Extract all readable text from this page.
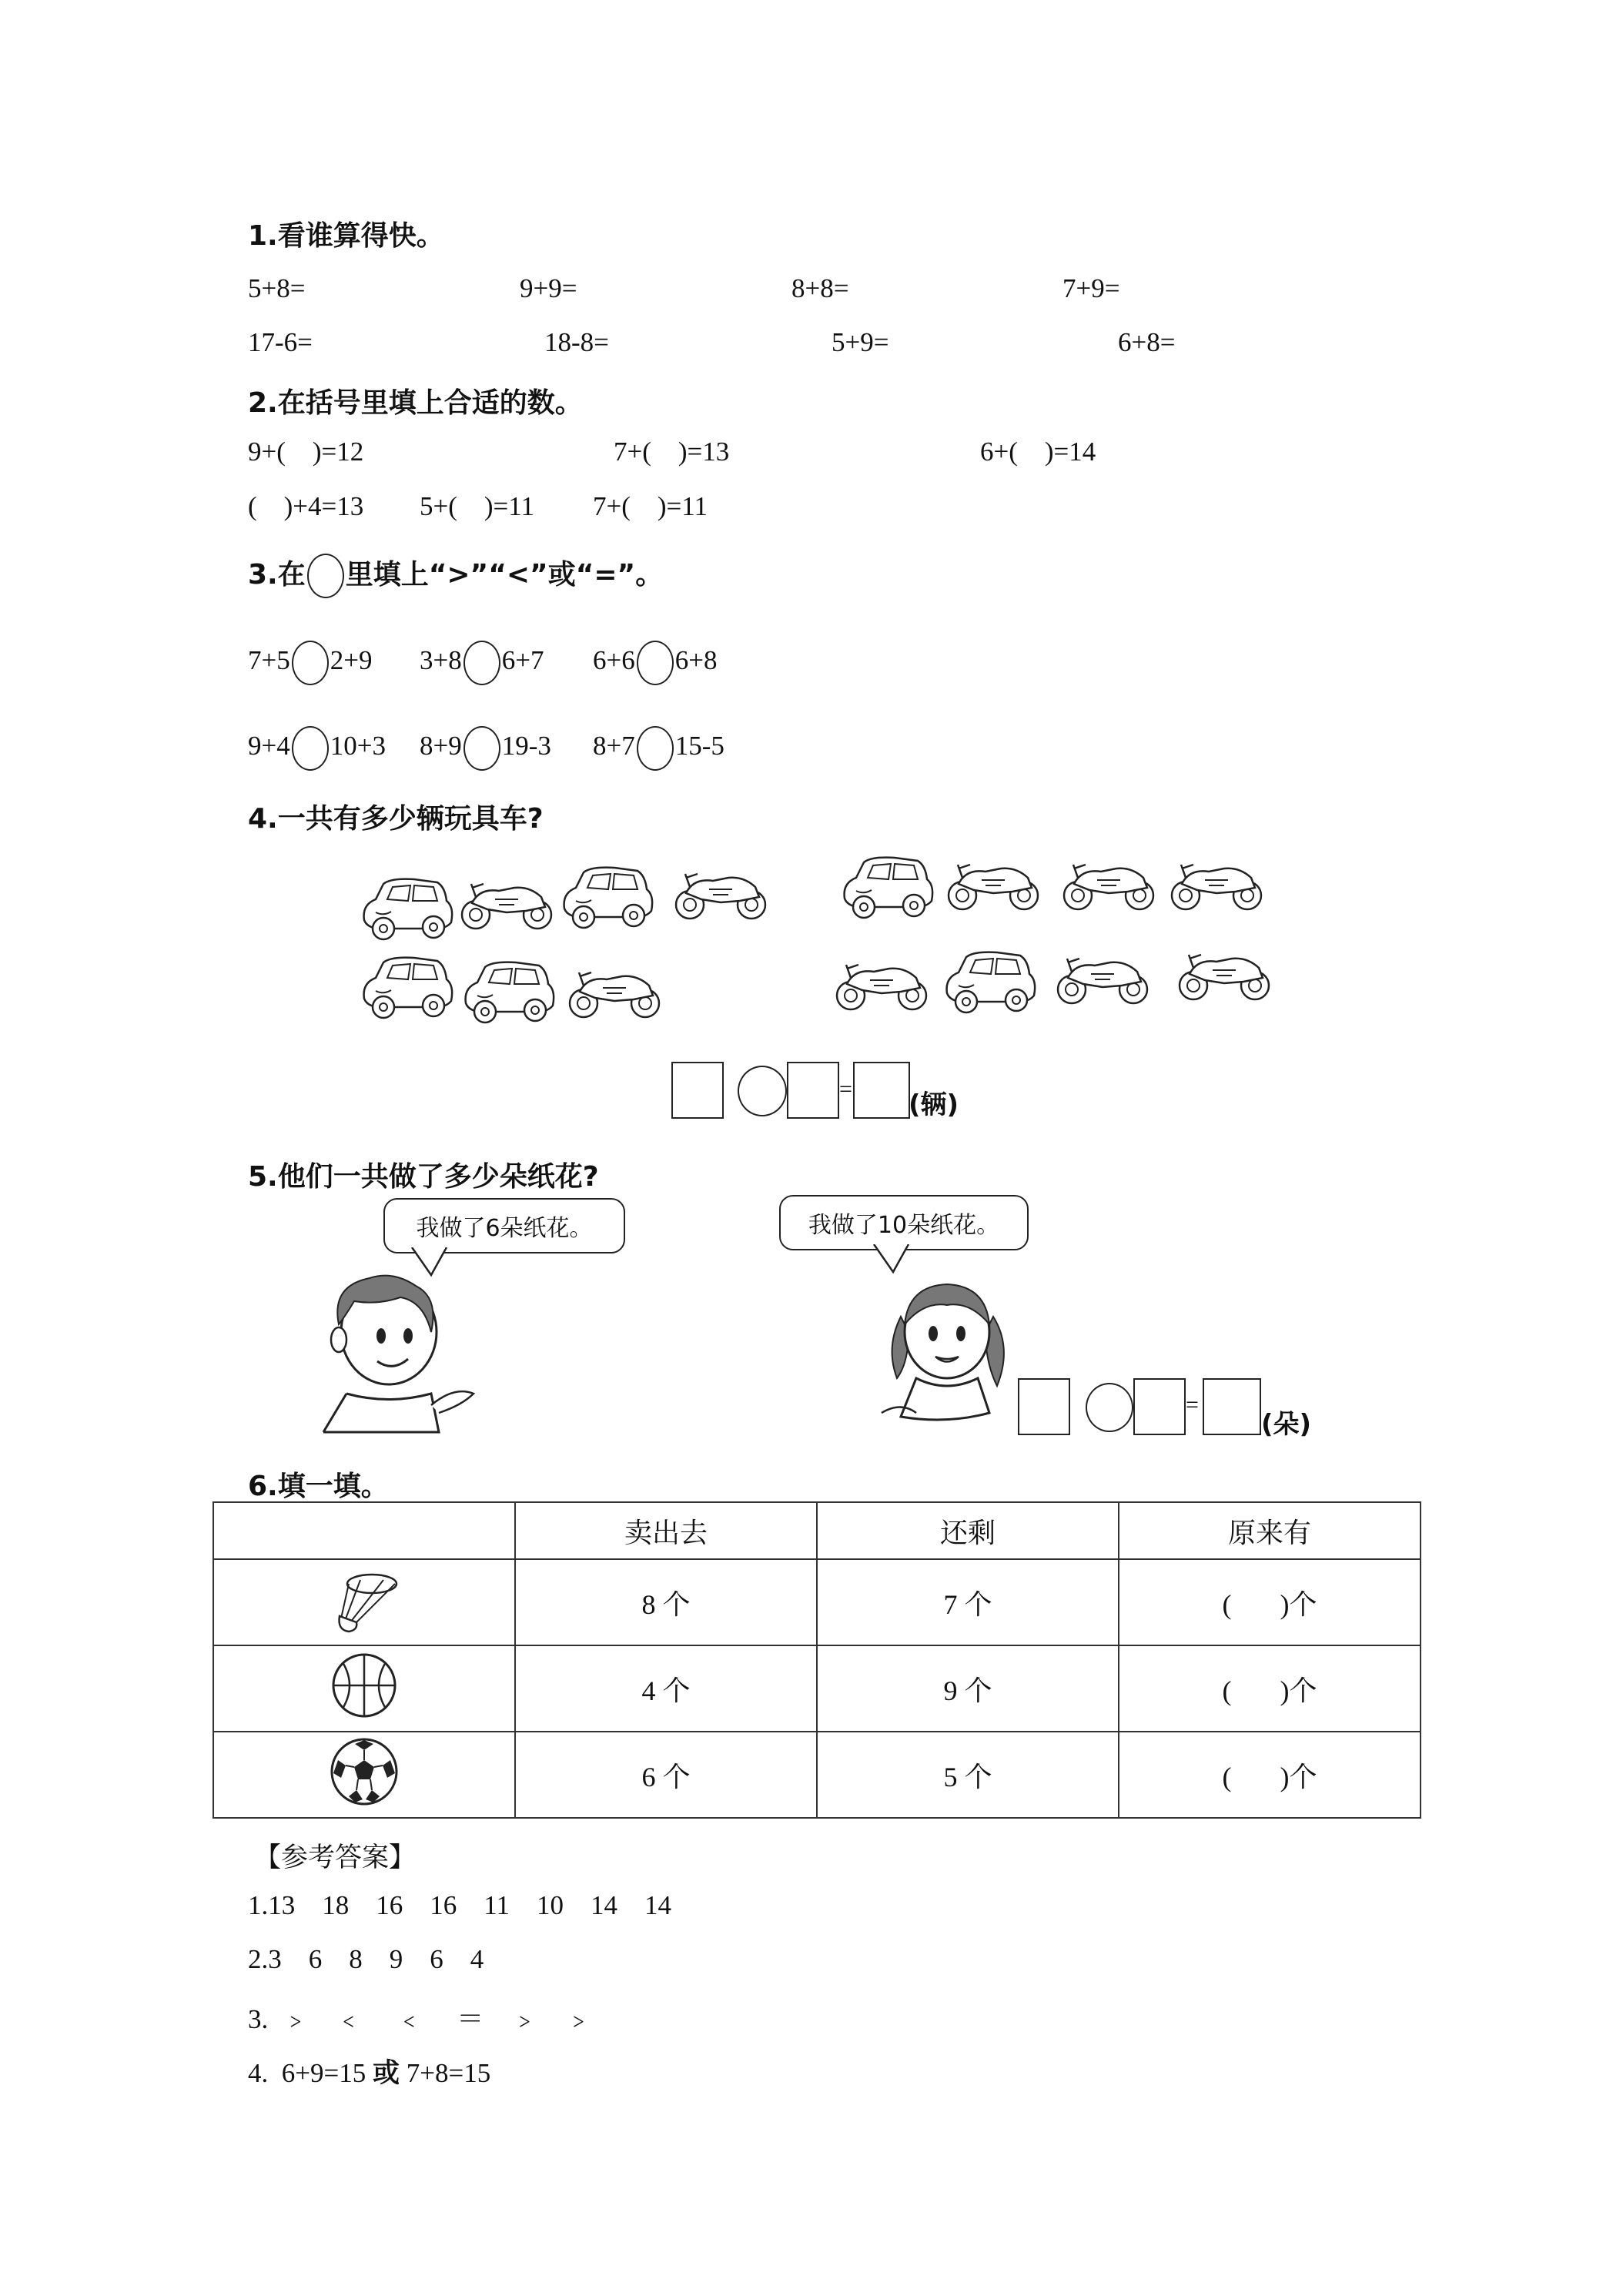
1.看谁算得快。
5+8=	9+9=	8+8=	7+9=
17-6=	18-8=	5+9=	6+8=
2.在括号里填上合适的数。
9+(    )=12	7+(    )=13	6+(    )=14
(    )+4=13 5+(    )=11 7+(    )=11
3.在 里填上“>”“<”或“=”。
7+5 2+9 3+8 6+7 6+6 6+8
9+4 10+3 8+9 19-3 8+7 15-5
4.一共有多少辆玩具车?
=
(辆)
5.他们一共做了多少朵纸花?
我做了6朵纸花。	我做了10朵纸花。
=
(朵)
6.填一填。
	卖出去	还剩	原来有
	8 个	7 个	(       )个
	4 个	9 个	(       )个
	6 个	5 个	(       )个
【参考答案】
1.13    18    16    16    11    10    14    14
2.3    6    8    9    6    4
3.  ﹥    ﹤     ﹤     ＝    ﹥    ﹥
4.  6+9=15 或 7+8=15
